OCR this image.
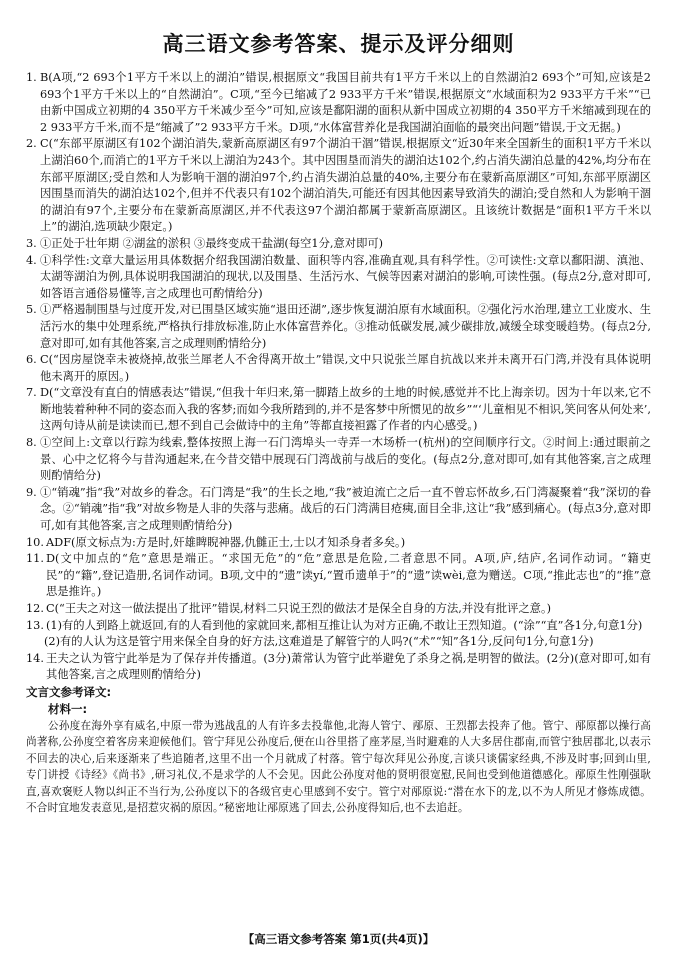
高三语文参考答案、提示及评分细则
1. B(A项,“2 693个1平方千米以上的湖泊”错误,根据原文“我国目前共有1平方千米以上的自然湖泊2 693个”可知,应该是2 693个1平方千米以上的“自然湖泊”。C项,“至今已缩减了2 933平方千米”错误,根据原文“水域面积为2 933平方千米”“已由新中国成立初期的4 350平方千米减少至今”可知,应该是鄱阳湖的面积从新中国成立初期的4 350平方千米缩减到现在的2 933平方千米,而不是“缩减了”2 933平方千米。D项,“水体富营养化是我国湖泊面临的最突出问题”错误,于文无据。)
2. C(“东部平原湖区有102个湖泊消失,蒙新高原湖区有97个湖泊干涸”错误,根据原文“近30年来全国新生的面积1平方千米以上湖泊60个,而消亡的1平方千米以上湖泊为243个。其中因围垦而消失的湖泊达102个,约占消失湖泊总量的42%,均分布在东部平原湖区;受自然和人为影响干涸的湖泊97个,约占消失湖泊总量的40%,主要分布在蒙新高原湖区”可知,东部平原湖区因围垦而消失的湖泊达102个,但并不代表只有102个湖泊消失,可能还有因其他因素导致消失的湖泊;受自然和人为影响干涸的湖泊有97个,主要分布在蒙新高原湖区,并不代表这97个湖泊都属于蒙新高原湖区。且该统计数据是“面积1平方千米以上”的湖泊,选项缺少限定。)
3. ①正处于壮年期 ②湖盆的淤积 ③最终变成干盐湖(每空1分,意对即可)
4. ①科学性:文章大量运用具体数据介绍我国湖泊数量、面积等内容,准确直观,具有科学性。②可读性:文章以鄱阳湖、滇池、太湖等湖泊为例,具体说明我国湖泊的现状,以及围垦、生活污水、气候等因素对湖泊的影响,可读性强。(每点2分,意对即可,如答语言通俗易懂等,言之成理也可酌情给分)
5. ①严格遏制围垦与过度开发,对已围垦区域实施“退田还湖”,逐步恢复湖泊原有水域面积。②强化污水治理,建立工业废水、生活污水的集中处理系统,严格执行排放标准,防止水体富营养化。③推动低碳发展,减少碳排放,减缓全球变暖趋势。(每点2分,意对即可,如有其他答案,言之成理则酌情给分)
6. C(“因房屋饶幸未被烧掉,故张兰犀老人不舍得离开故土”错误,文中只说张兰犀自抗战以来并未离开石门湾,并没有具体说明他未离开的原因。)
7. D(“文章没有直白的情感表达”错误,“但我十年归来,第一脚踏上故乡的土地的时候,感觉并不比上海亲切。因为十年以来,它不断地装着种种不同的姿态而入我的客梦;而如今我所踏到的,并不是客梦中所惯见的故乡”“‘儿童相见不相识,笑问客从何处来’,这两句诗从前是读读而已,想不到自己会做诗中的主角”等都直接袒露了作者的内心感受。)
8. ①空间上:文章以行踪为线索,整体按照上海一石门湾埠头一寺弄一木场桥一(杭州)的空间顺序行文。②时间上:通过眼前之景、心中之忆将今与昔沟通起来,在今昔交错中展现石门湾战前与战后的变化。(每点2分,意对即可,如有其他答案,言之成理则酌情给分)
9. ①“销魂”指“我”对故乡的眷念。石门湾是“我”的生长之地,“我”被迫流亡之后一直不曾忘怀故乡,石门湾凝聚着“我”深切的眷念。②“销魂”指“我”对故乡物是人非的失落与悲痛。战后的石门湾满目疮痍,面目全非,这让“我”感到痛心。(每点3分,意对即可,如有其他答案,言之成理则酌情给分)
10. ADF(原文标点为:方是时,奸雄睥睨神器,仇雠正士,士以才知杀身者多矣。)
11. D(文中加点的“危”意思是端正。“求国无危”的“危”意思是危险,二者意思不同。A项,庐,结庐,名词作动词。“籍吏民”的“籍”,登记造册,名词作动词。B项,文中的“遗”读yí,“置币遗单于”的“遗”读wèi,意为赠送。C项,“推此志也”的“推”意思是推许。)
12. C(“王夫之对这一做法提出了批评”错误,材料二只说王烈的做法才是保全自身的方法,并没有批评之意。)
13. (1)有的人到路上就返回,有的人看到他的家就回来,都相互推让认为对方正确,不敢让王烈知道。(“涂”“直”各1分,句意1分)
(2)有的人认为这是管宁用来保全自身的好方法,这难道是了解管宁的人吗?(“术”“知”各1分,反问句1分,句意1分)
14. 王夫之认为管宁此举是为了保存并传播道。(3分)萧常认为管宁此举避免了杀身之祸,是明智的做法。(2分)(意对即可,如有其他答案,言之成理则酌情给分)
文言文参考译文:
材料一:
公孙度在海外享有威名,中原一带为逃战乱的人有许多去投靠他,北海人管宁、邴原、王烈都去投奔了他。管宁、邴原都以操行高尚著称,公孙度空着客房来迎候他们。管宁拜见公孙度后,便在山谷里搭了座茅屋,当时避难的人大多居住郡南,而管宁独居郡北,以表示不回去的决心,后来逐渐来了些追随者,这里不出一个月就成了村落。管宁每次拜见公孙度,言谈只谈儒家经典,不涉及时事;回到山里,专门讲授《诗经》《尚书》,研习礼仪,不是求学的人不会见。因此公孙度对他的贤明很宽慰,民间也受到他道德感化。邴原生性刚强耿直,喜欢褒贬人物以纠正不当行为,公孙度以下的各级官吏心里感到不安宁。管宁对邴原说:“潜在水下的龙,以不为人所见才修炼成德。不合时宜地发表意见,是招惹灾祸的原因。”秘密地让邴原逃了回去,公孙度得知后,也不去追赶。
【高三语文参考答案 第1页(共4页)】
